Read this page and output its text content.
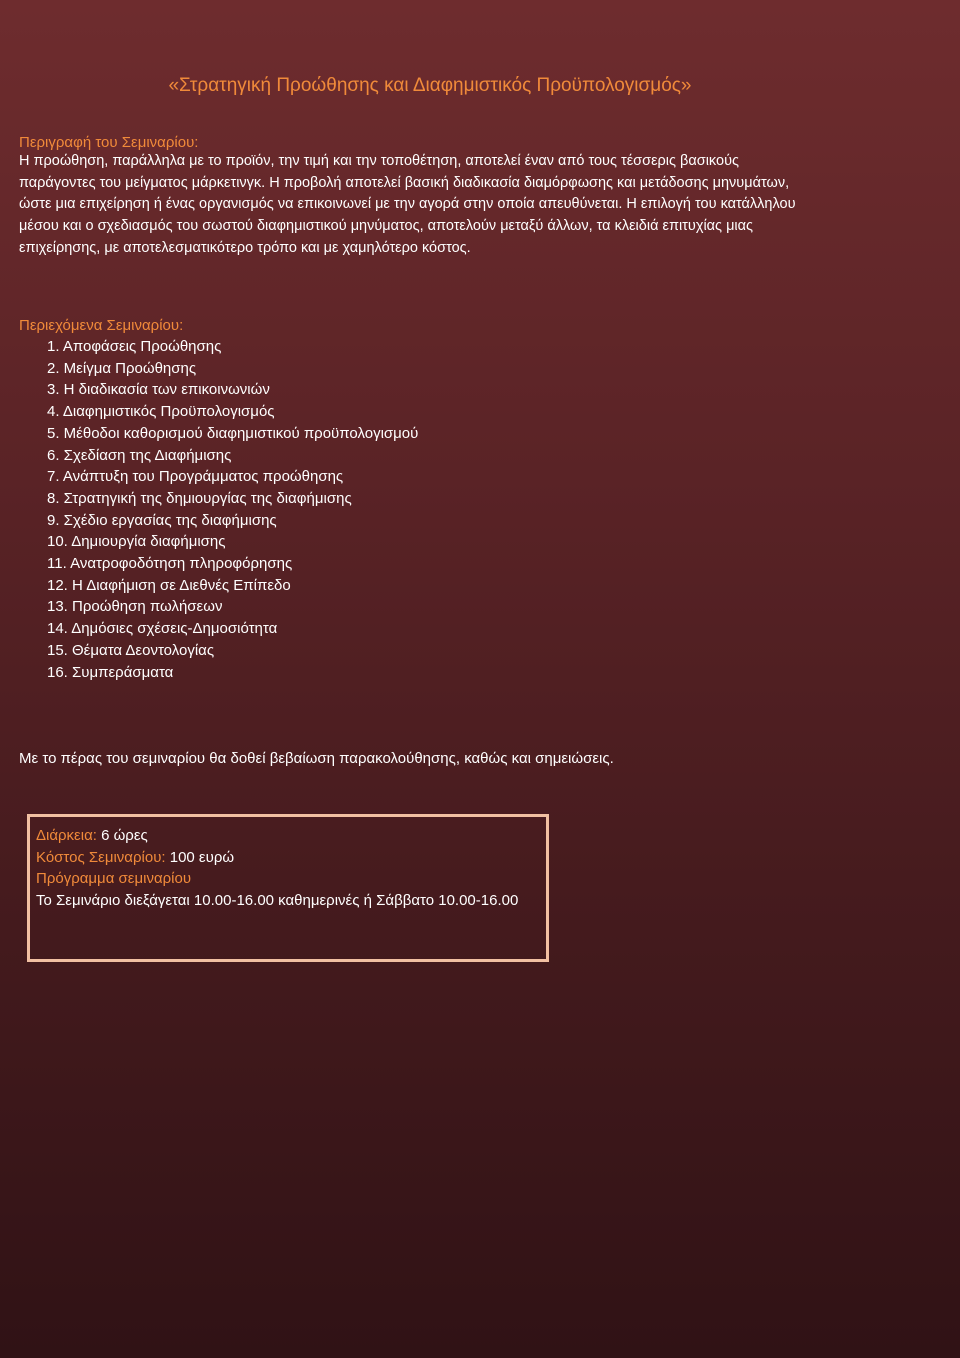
«Στρατηγική Προώθησης και Διαφημιστικός Προϋπολογισμός»
Περιγραφή του Σεμιναρίου:

Η προώθηση, παράλληλα με το προϊόν, την τιμή και την τοποθέτηση, αποτελεί έναν από τους τέσσερις βασικούς παράγοντες του μείγματος μάρκετινγκ. Η προβολή αποτελεί βασική διαδικασία διαμόρφωσης και μετάδοσης μηνυμάτων, ώστε μια επιχείρηση ή ένας οργανισμός να επικοινωνεί με την αγορά στην οποία απευθύνεται. Η επιλογή του κατάλληλου μέσου και ο σχεδιασμός του σωστού διαφημιστικού μηνύματος, αποτελούν μεταξύ άλλων, τα κλειδιά επιτυχίας μιας επιχείρησης, με αποτελεσματικότερο τρόπο και με χαμηλότερο κόστος.

Περιεχόμενα Σεμιναρίου:
1. Αποφάσεις Προώθησης
2. Μείγμα Προώθησης
3. Η διαδικασία των επικοινωνιών
4. Διαφημιστικός Προϋπολογισμός
5. Μέθοδοι καθορισμού διαφημιστικού προϋπολογισμού
6. Σχεδίαση της Διαφήμισης
7. Ανάπτυξη του Προγράμματος προώθησης
8. Στρατηγική της δημιουργίας της διαφήμισης
9. Σχέδιο εργασίας της διαφήμισης
10. Δημιουργία διαφήμισης
11. Ανατροφοδότηση πληροφόρησης
12. Η Διαφήμιση σε Διεθνές Επίπεδο
13. Προώθηση πωλήσεων
14. Δημόσιες σχέσεις-Δημοσιότητα
15. Θέματα Δεοντολογίας
16. Συμπεράσματα
Με το πέρας του σεμιναρίου θα δοθεί βεβαίωση παρακολούθησης, καθώς και σημειώσεις.
Διάρκεια: 6 ώρες
Κόστος Σεμιναρίου: 100 ευρώ
Πρόγραμμα σεμιναρίου
Το Σεμινάριο διεξάγεται 10.00-16.00 καθημερινές ή Σάββατο 10.00-16.00
